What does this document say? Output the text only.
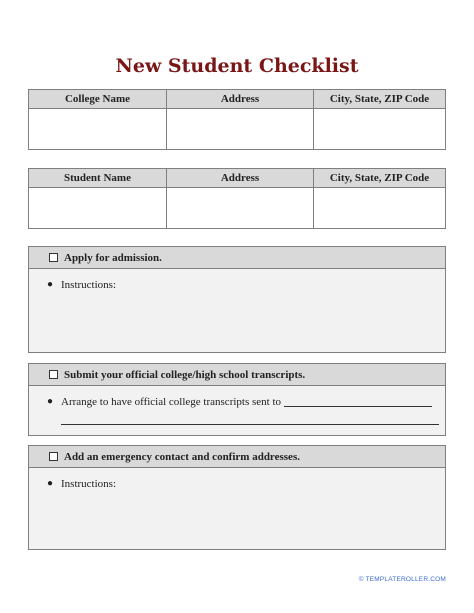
New Student Checklist
College Name	Address	City, State, ZIP Code

Student Name	Address	City, State, ZIP Code

Apply for admission.
● Instructions:
Submit your official college/high school transcripts.
● Arrange to have official college transcripts sent to
Add an emergency contact and confirm addresses.
● Instructions:
© TEMPLATEROLLER.COM
